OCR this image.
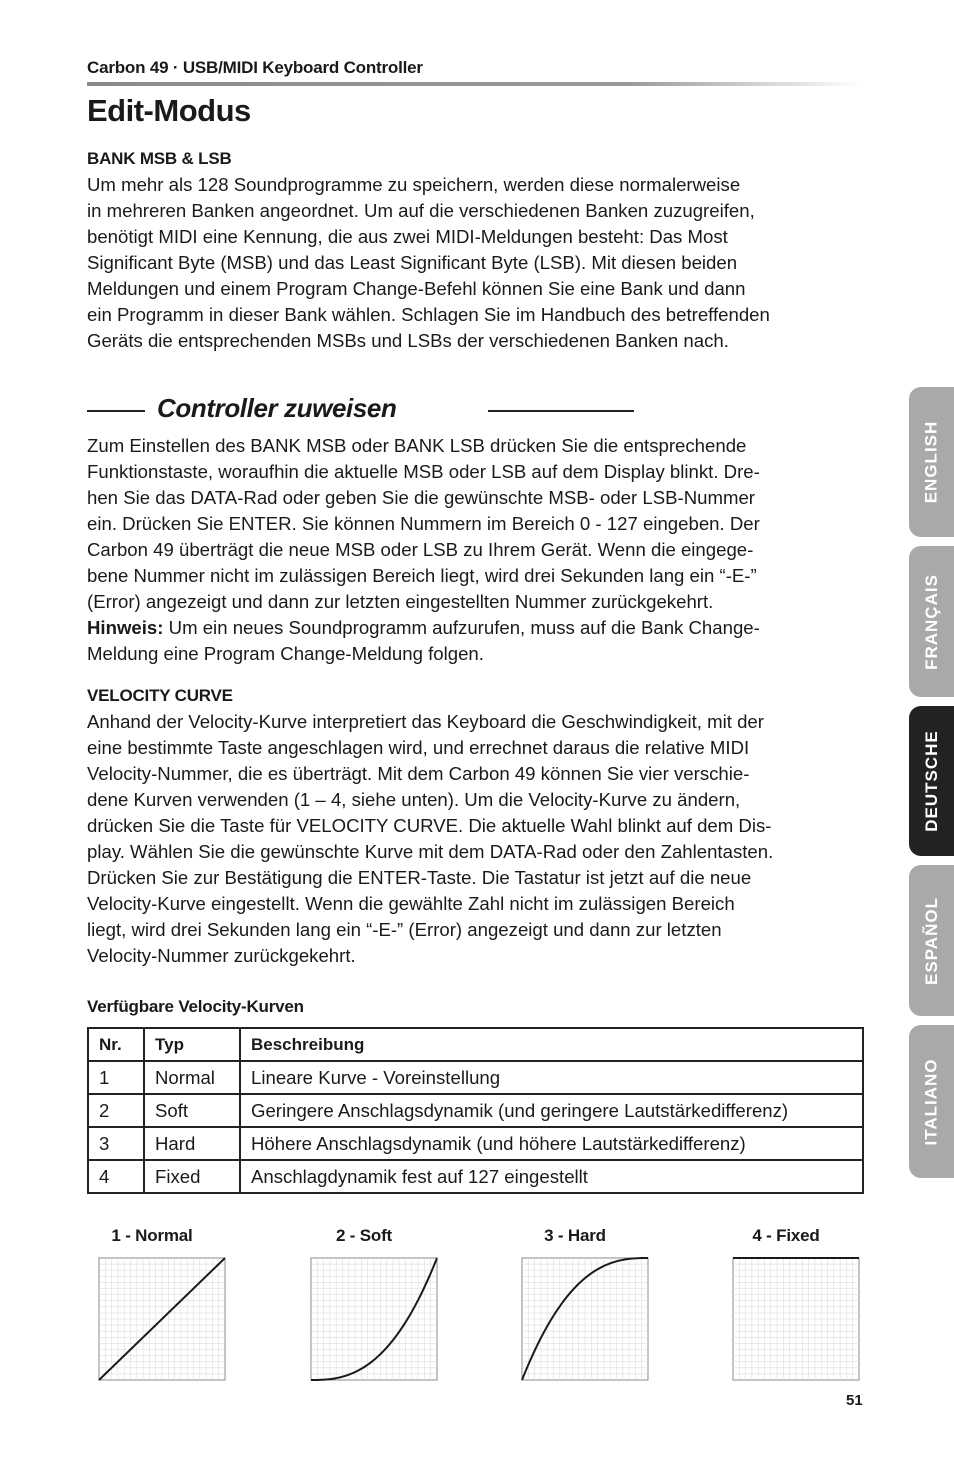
Carbon 49 · USB/MIDI Keyboard Controller
Edit-Modus
BANK MSB & LSB
Um mehr als 128 Soundprogramme zu speichern, werden diese normalerweise
in mehreren Banken angeordnet. Um auf die verschiedenen Banken zuzugreifen,
benötigt MIDI eine Kennung, die aus zwei MIDI-Meldungen besteht: Das Most
Significant Byte (MSB) und das Least Significant Byte (LSB). Mit diesen beiden
Meldungen und einem Program Change-Befehl können Sie eine Bank und dann
ein Programm in dieser Bank wählen. Schlagen Sie im Handbuch des betreffenden
Geräts die entsprechenden MSBs und LSBs der verschiedenen Banken nach.
Controller zuweisen
Zum Einstellen des BANK MSB oder BANK LSB drücken Sie die entsprechende
Funktionstaste, woraufhin die aktuelle MSB oder LSB auf dem Display blinkt. Dre-
hen Sie das DATA-Rad oder geben Sie die gewünschte MSB- oder LSB-Nummer
ein. Drücken Sie ENTER. Sie können Nummern im Bereich 0 - 127 eingeben. Der
Carbon 49 überträgt die neue MSB oder LSB zu Ihrem Gerät. Wenn die eingege-
bene Nummer nicht im zulässigen Bereich liegt, wird drei Sekunden lang ein “-E-”
(Error) angezeigt und dann zur letzten eingestellten Nummer zurückgekehrt.
Hinweis: Um ein neues Soundprogramm aufzurufen, muss auf die Bank Change-
Meldung eine Program Change-Meldung folgen.
VELOCITY CURVE
Anhand der Velocity-Kurve interpretiert das Keyboard die Geschwindigkeit, mit der
eine bestimmte Taste angeschlagen wird, und errechnet daraus die relative MIDI
Velocity-Nummer, die es überträgt. Mit dem Carbon 49 können Sie vier verschie-
dene Kurven verwenden (1 – 4, siehe unten). Um die Velocity-Kurve zu ändern,
drücken Sie die Taste für VELOCITY CURVE. Die aktuelle Wahl blinkt auf dem Dis-
play. Wählen Sie die gewünschte Kurve mit dem DATA-Rad oder den Zahlentasten.
Drücken Sie zur Bestätigung die ENTER-Taste. Die Tastatur ist jetzt auf die neue
Velocity-Kurve eingestellt. Wenn die gewählte Zahl nicht im zulässigen Bereich
liegt, wird drei Sekunden lang ein “-E-” (Error) angezeigt und dann zur letzten
Velocity-Nummer zurückgekehrt.
Verfügbare Velocity-Kurven
Nr.	Typ	Beschreibung
1	Normal	Lineare Kurve - Voreinstellung
2	Soft	Geringere Anschlagsdynamik (und geringere Lautstärkedifferenz)
3	Hard	Höhere Anschlagsdynamik (und höhere Lautstärkedifferenz)
4	Fixed	Anschlagdynamik fest auf 127 eingestellt
1 - Normal	2 - Soft	3 - Hard	4 - Fixed
ENGLISH
FRANÇAIS
DEUTSCHE
ESPAÑOL
ITALIANO
51
